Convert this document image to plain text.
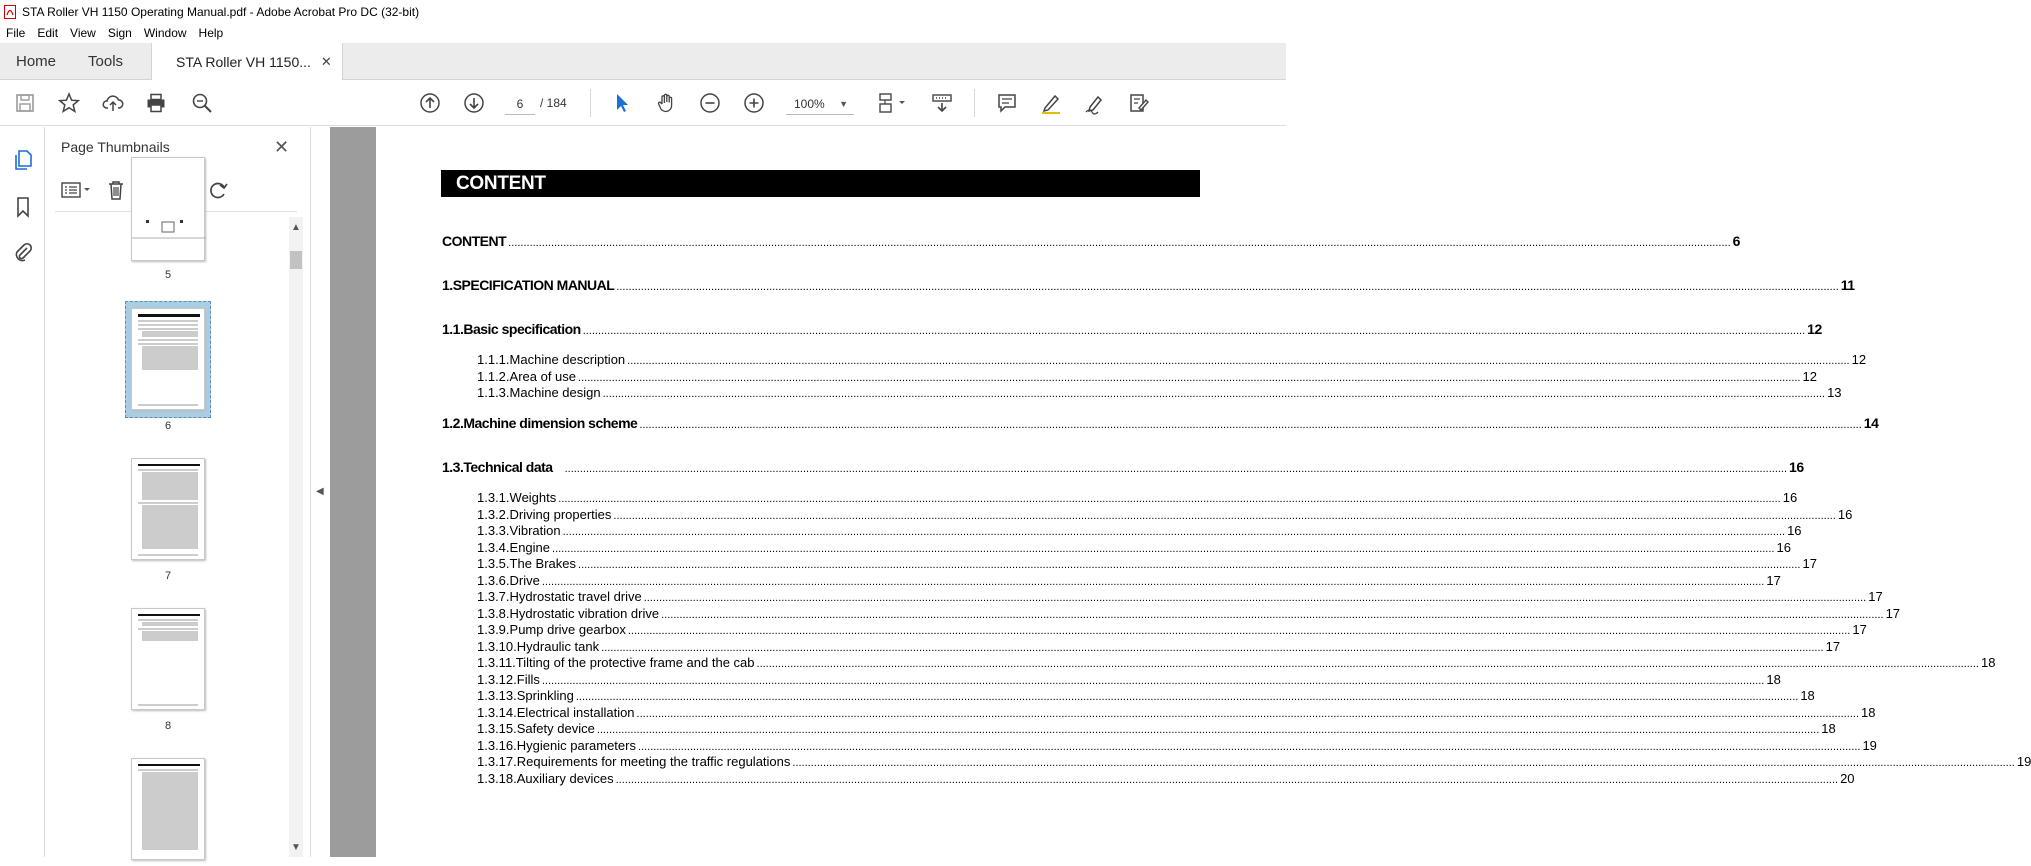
STA Roller VH 1150 Operating Manual.pdf - Adobe Acrobat Pro DC (32-bit)
File	Edit	View	Sign	Window	Help
Home	Tools	STA Roller VH 1150... ✕
6	/ 184	100% ▼
Page Thumbnails	✕
5
6
7
8
▲
▼
◀
CONTENT
CONTENT ................................................................................................................................................................................................................................................................................................................................................................................................................ 6
1. SPECIFICATION MANUAL ................................................................................................................................................................................................................................................................................................................................................................................................................ 11
1.1. Basic specification ................................................................................................................................................................................................................................................................................................................................................................................................................ 12
1.1.1. Machine description ................................................................................................................................................................................................................................................................................................................................................................................................................ 12
1.1.2. Area of use ................................................................................................................................................................................................................................................................................................................................................................................................................ 12
1.1.3. Machine design ................................................................................................................................................................................................................................................................................................................................................................................................................ 13
1.2. Machine dimension scheme ................................................................................................................................................................................................................................................................................................................................................................................................................ 14
1.3. Technical data ................................................................................................................................................................................................................................................................................................................................................................................................................ 16
1.3.1. Weights ................................................................................................................................................................................................................................................................................................................................................................................................................ 16
1.3.2. Driving properties ................................................................................................................................................................................................................................................................................................................................................................................................................ 16
1.3.3. Vibration ................................................................................................................................................................................................................................................................................................................................................................................................................ 16
1.3.4. Engine ................................................................................................................................................................................................................................................................................................................................................................................................................ 16
1.3.5. The Brakes ................................................................................................................................................................................................................................................................................................................................................................................................................ 17
1.3.6. Drive ................................................................................................................................................................................................................................................................................................................................................................................................................ 17
1.3.7. Hydrostatic travel drive ................................................................................................................................................................................................................................................................................................................................................................................................................ 17
1.3.8. Hydrostatic vibration drive ................................................................................................................................................................................................................................................................................................................................................................................................................ 17
1.3.9. Pump drive gearbox ................................................................................................................................................................................................................................................................................................................................................................................................................ 17
1.3.10. Hydraulic tank ................................................................................................................................................................................................................................................................................................................................................................................................................ 17
1.3.11. Tilting of the protective frame and the cab ................................................................................................................................................................................................................................................................................................................................................................................................................ 18
1.3.12. Fills ................................................................................................................................................................................................................................................................................................................................................................................................................ 18
1.3.13. Sprinkling ................................................................................................................................................................................................................................................................................................................................................................................................................ 18
1.3.14. Electrical installation ................................................................................................................................................................................................................................................................................................................................................................................................................ 18
1.3.15. Safety device ................................................................................................................................................................................................................................................................................................................................................................................................................ 18
1.3.16. Hygienic parameters ................................................................................................................................................................................................................................................................................................................................................................................................................ 19
1.3.17. Requirements for meeting the traffic regulations ................................................................................................................................................................................................................................................................................................................................................................................................................ 19
1.3.18. Auxiliary devices ................................................................................................................................................................................................................................................................................................................................................................................................................ 20
